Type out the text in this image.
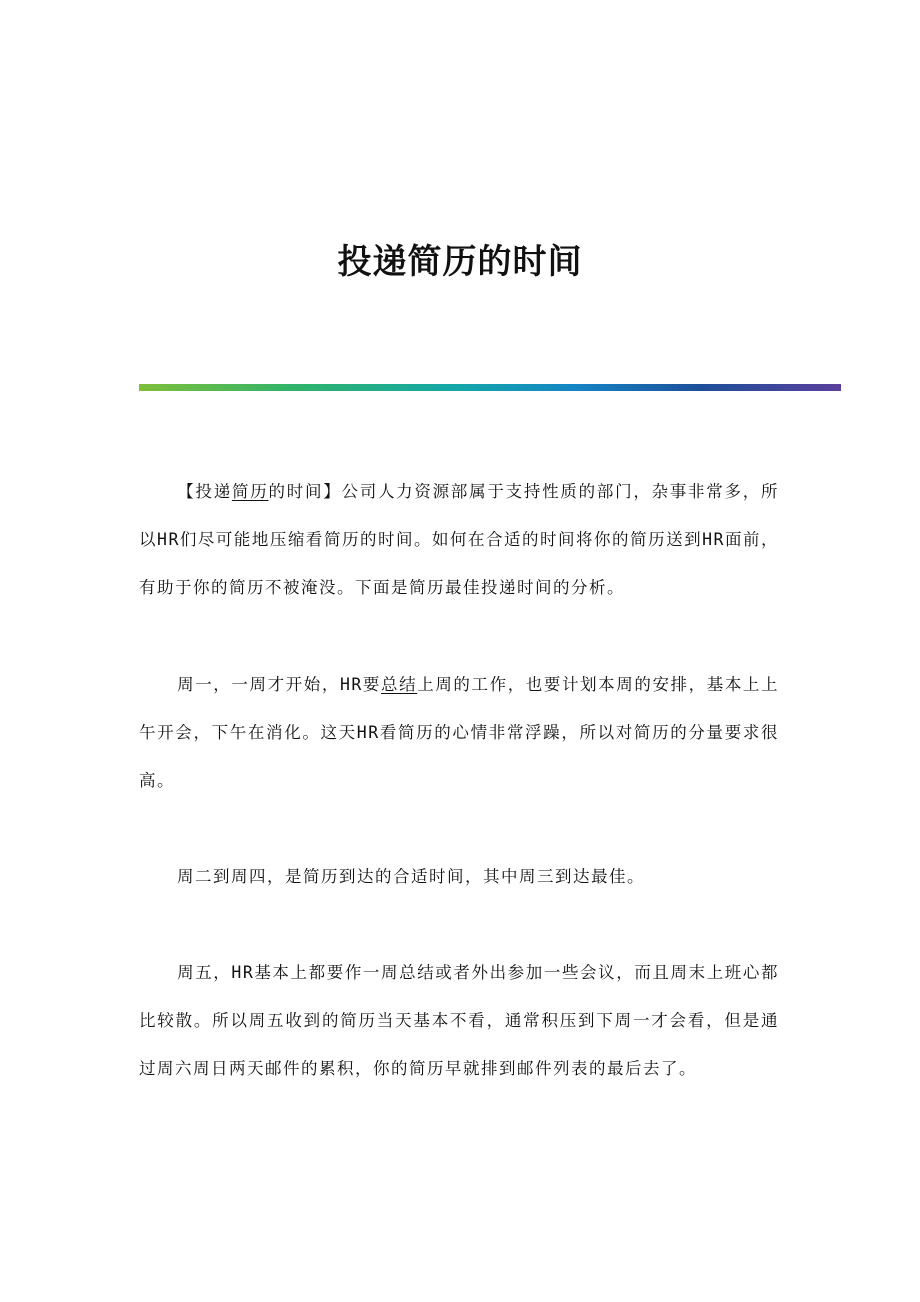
投递简历的时间

【投递简历的时间】公司人力资源部属于支持性质的部门，杂事非常多，所以HR们尽可能地压缩看简历的时间。如何在合适的时间将你的简历送到HR面前，有助于你的简历不被淹没。下面是简历最佳投递时间的分析。

周一，一周才开始，HR要总结上周的工作，也要计划本周的安排，基本上上午开会，下午在消化。这天HR看简历的心情非常浮躁，所以对简历的分量要求很高。

周二到周四，是简历到达的合适时间，其中周三到达最佳。

周五，HR基本上都要作一周总结或者外出参加一些会议，而且周末上班心都比较散。所以周五收到的简历当天基本不看，通常积压到下周一才会看，但是通过周六周日两天邮件的累积，你的简历早就排到邮件列表的最后去了。
